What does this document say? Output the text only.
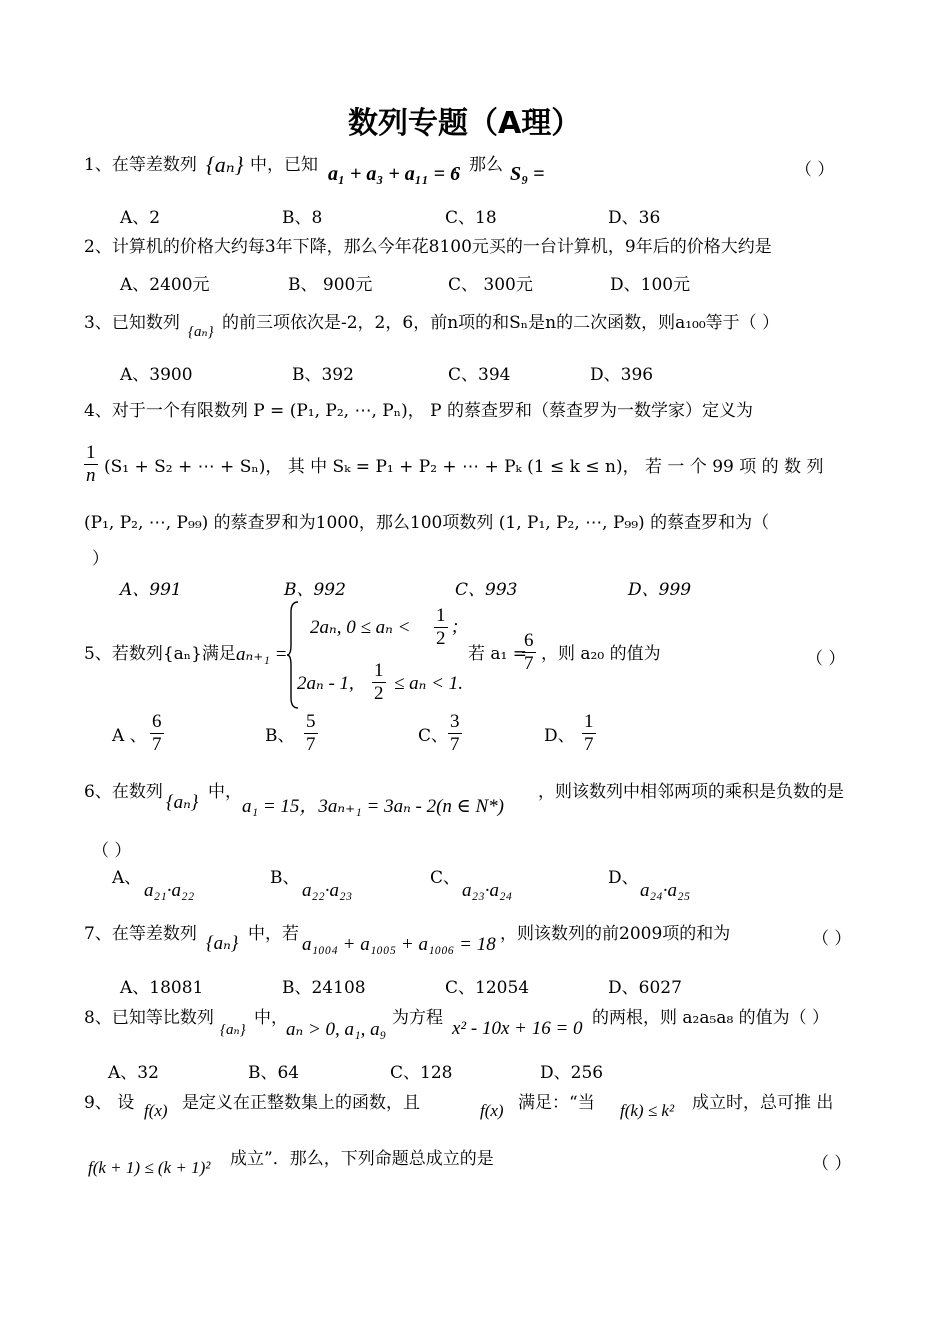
数列专题（A理）
1、在等差数列 {aₙ} 中，已知 a₁ + a₃ + a₁₁ = 6
，那么 S₉ =	（ ）
A、2	B、8	C、18	D、36
2、计算机的价格大约每3年下降，那么今年花8100元买的一台计算机，9年后的价格大约是
A、2400元	B、 900元	C、 300元	D、100元
3、已知数列 {aₙ} 的前三项依次是-2，2，6，前n项的和Sₙ是n的二次函数，则a₁₀₀等于（ ）
A、3900	B、392	C、394	D、396
4、对于一个有限数列 P = (P₁, P₂, ⋯, Pₙ)， P 的蔡查罗和（蔡查罗为一数学家）定义为
$\frac{1}{n} (S_1 + S_2$ + ⋯ + Sₙ)， 其 中 Sₖ = P₁ + P₂ + ⋯ + Pₖ (1 ≤ k ≤ n)， 若 一 个 99 项 的 数 列
(P₁, P₂, ⋯, P₉₉) 的蔡查罗和为1000，那么100项数列 (1, P₁, P₂, ⋯, P₉₉) 的蔡查罗和为（
）
A、991	B、992	C、993	D、999
5、若数列{aₙ}满足 aₙ₊₁ =
2aₙ, $0 \le a_n < \frac{1}{2}$ ;
2aₙ - 1, $\frac{1}{2} \le a_n < 1$.
若 a₁ =
$\frac{6}{7}$ ，则 a₂₀ 的值为	（ ）
A 、 $\frac{6}{7}$	B、 $\frac{5}{7}$	C、 $\frac{3}{7}$	D、 $\frac{1}{7}$
6、在数列 {aₙ} 中，
a₁ = 15，3aₙ₊₁ = 3aₙ - 2(n ∈ N*)
，则该数列中相邻两项的乘积是负数的是
（ ）
A、
a₂₁·a₂₂
B、
a₂₂·a₂₃
C、
a₂₃·a₂₄
D、
a₂₄·a₂₅
7、在等差数列 {aₙ} 中，若 a₁₀₀₄ + a₁₀₀₅ + a₁₀₀₆ = 18 ，则该数列的前2009项的和为	（ ）
A、18081	B、24108	C、12054	D、6027
8、已知等比数列
{aₙ}
中，
aₙ > 0, a₁, a₉
为方程 x² - 10x + 16 = 0 的两根，则 a₂a₅a₈ 的值为（ ）
A、32	B、64	C、128	D、256
9、 设 f(x) 是定义在正整数集上的函数，且	f(x) 满足：“当 f(k) ≤ k² 成立时，总可推 出
f(k + 1) ≤ (k + 1)² 成立”．那么，下列命题总成立的是	（ ）
